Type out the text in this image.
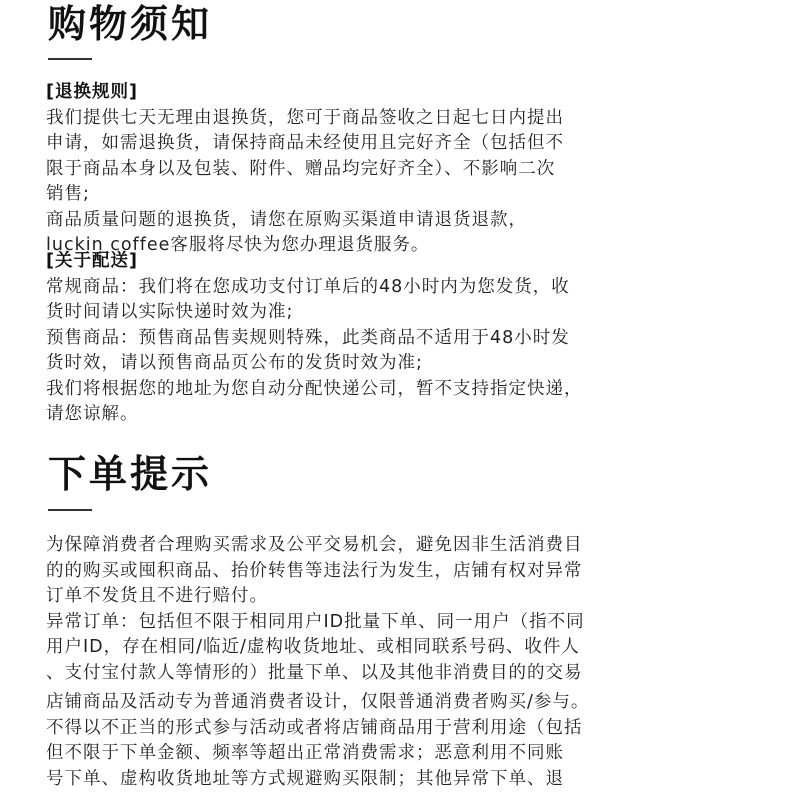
购物须知
[退换规则]
我们提供七天无理由退换货，您可于商品签收之日起七日内提出
申请，如需退换货，请保持商品未经使用且完好齐全（包括但不
限于商品本身以及包装、附件、赠品均完好齐全）、不影响二次
销售;
商品质量问题的退换货，请您在原购买渠道申请退货退款，
luckin coffee客服将尽快为您办理退货服务。
[关于配送]
常规商品：我们将在您成功支付订单后的48小时内为您发货，收
货时间请以实际快递时效为准;
预售商品：预售商品售卖规则特殊，此类商品不适用于48小时发
货时效，请以预售商品页公布的发货时效为准;
我们将根据您的地址为您自动分配快递公司，暂不支持指定快递，
请您谅解。
下单提示
为保障消费者合理购买需求及公平交易机会，避免因非生活消费目
的的购买或囤积商品、抬价转售等违法行为发生，店铺有权对异常
订单不发货且不进行赔付。
异常订单：包括但不限于相同用户ID批量下单、同一用户（指不同
用户ID，存在相同/临近/虚构收货地址、或相同联系号码、收件人
、支付宝付款人等情形的）批量下单、以及其他非消费目的的交易
店铺商品及活动专为普通消费者设计，仅限普通消费者购买/参与。
不得以不正当的形式参与活动或者将店铺商品用于营利用途（包括
但不限于下单金额、频率等超出正常消费需求；恶意利用不同账
号下单、虚构收货地址等方式规避购买限制；其他异常下单、退
